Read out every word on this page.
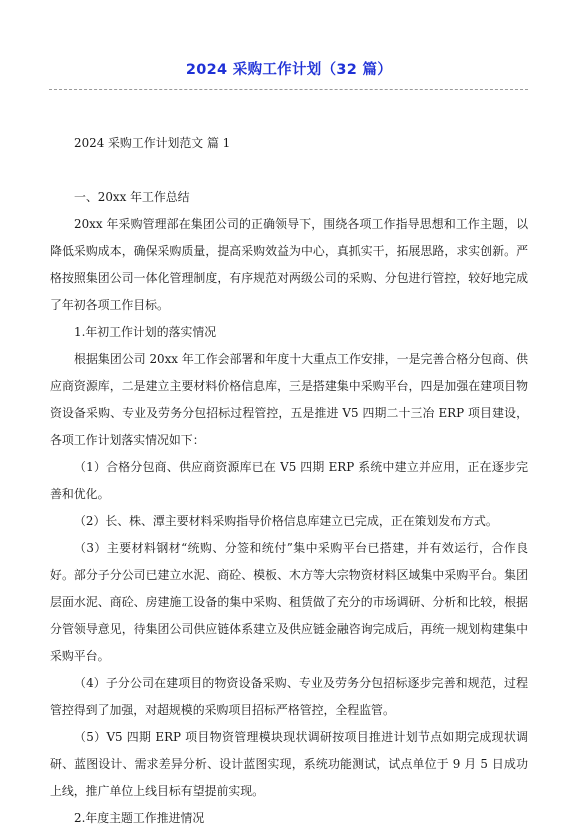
2024 采购工作计划（32 篇）

2024 采购工作计划范文 篇 1

一、20xx 年工作总结

20xx 年采购管理部在集团公司的正确领导下，围绕各项工作指导思想和工作主题，以降低采购成本，确保采购质量，提高采购效益为中心，真抓实干，拓展思路，求实创新。严格按照集团公司一体化管理制度，有序规范对两级公司的采购、分包进行管控，较好地完成了年初各项工作目标。

1.年初工作计划的落实情况

根据集团公司 20xx 年工作会部署和年度十大重点工作安排，一是完善合格分包商、供应商资源库，二是建立主要材料价格信息库，三是搭建集中采购平台，四是加强在建项目物资设备采购、专业及劳务分包招标过程管控，五是推进 V5 四期二十三冶 ERP 项目建设，各项工作计划落实情况如下：

（1）合格分包商、供应商资源库已在 V5 四期 ERP 系统中建立并应用，正在逐步完善和优化。

（2）长、株、潭主要材料采购指导价格信息库建立已完成，正在策划发布方式。

（3）主要材料钢材“统购、分签和统付”集中采购平台已搭建，并有效运行，合作良好。部分子分公司已建立水泥、商砼、模板、木方等大宗物资材料区域集中采购平台。集团层面水泥、商砼、房建施工设备的集中采购、租赁做了充分的市场调研、分析和比较，根据分管领导意见，待集团公司供应链体系建立及供应链金融咨询完成后，再统一规划构建集中采购平台。

（4）子分公司在建项目的物资设备采购、专业及劳务分包招标逐步完善和规范，过程管控得到了加强，对超规模的采购项目招标严格管控，全程监管。

（5）V5 四期 ERP 项目物资管理模块现状调研按项目推进计划节点如期完成现状调研、蓝图设计、需求差异分析、设计蓝图实现，系统功能测试，试点单位于 9 月 5 日成功上线，推广单位上线目标有望提前实现。

2.年度主题工作推进情况
